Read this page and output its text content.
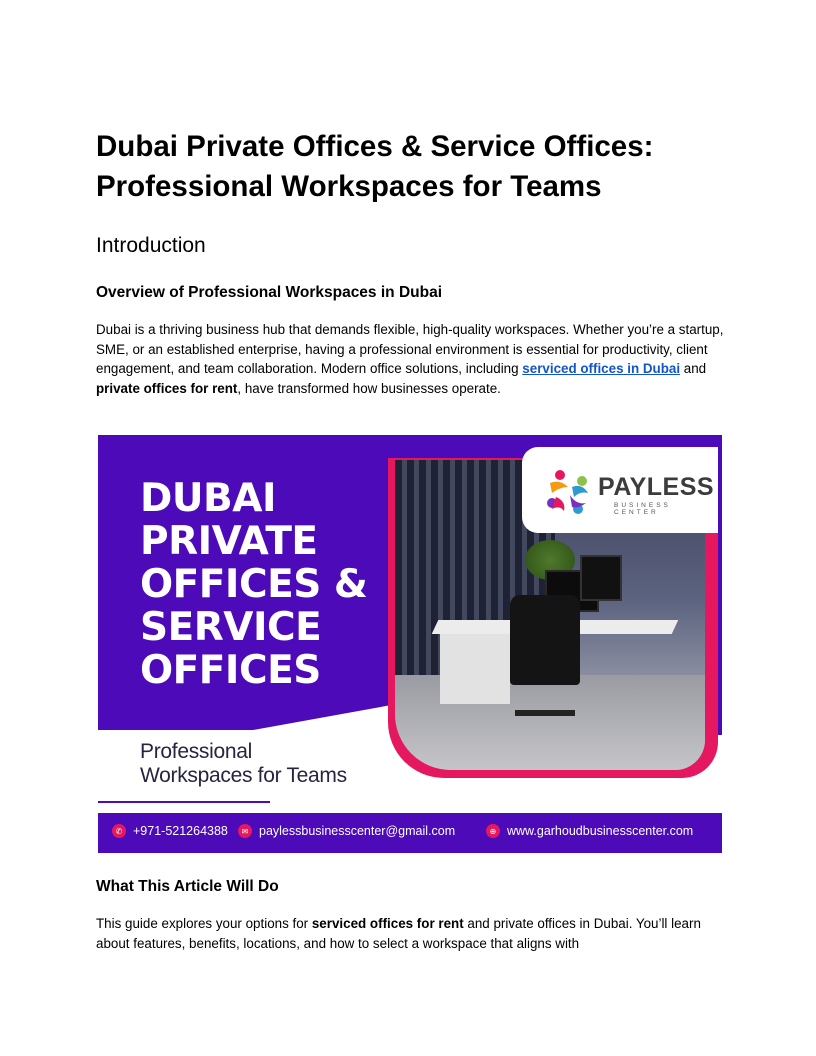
Dubai Private Offices & Service Offices:
Professional Workspaces for Teams
Introduction
Overview of Professional Workspaces in Dubai

Dubai is a thriving business hub that demands flexible, high-quality workspaces. Whether you’re a startup, SME, or an established enterprise, having a professional environment is essential for productivity, client engagement, and team collaboration. Modern office solutions, including serviced offices in Dubai and private offices for rent, have transformed how businesses operate.

What This Article Will Do

This guide explores your options for serviced offices for rent and private offices in Dubai. You’ll learn about features, benefits, locations, and how to select a workspace that aligns with

DUBAI
PRIVATE
OFFICES &
SERVICE
OFFICES
Professional
Workspaces for Teams
PAYLESS
BUSINESS CENTER
✆ +971-521264388	✉ paylessbusinesscenter@gmail.com	⊕ www.garhoudbusinesscenter.com
